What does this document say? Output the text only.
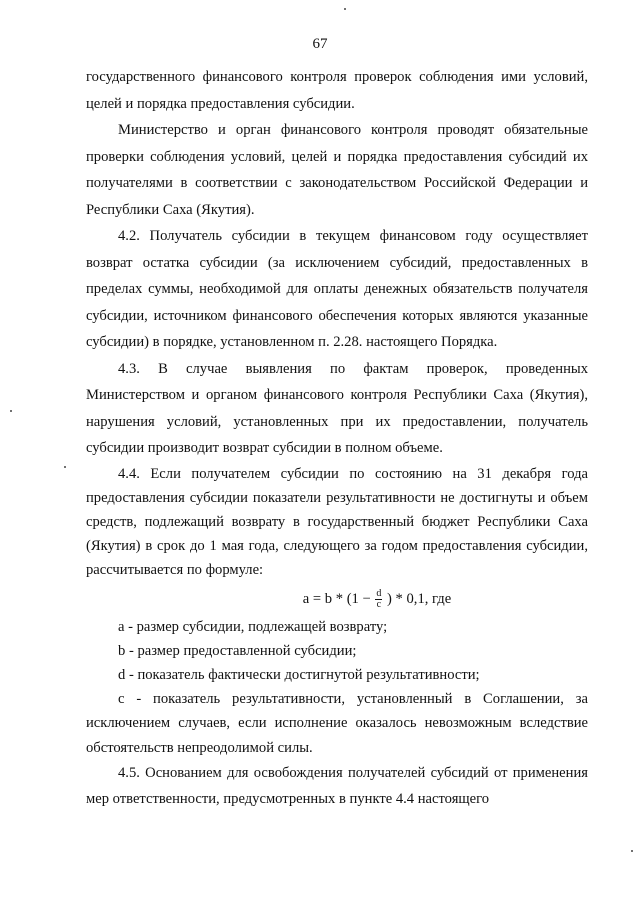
67

государственного финансового контроля проверок соблюдения ими условий, целей и порядка предоставления субсидии.

Министерство и орган финансового контроля проводят обязательные проверки соблюдения условий, целей и порядка предоставления субсидий их получателями в соответствии с законодательством Российской Федерации и Республики Саха (Якутия).

4.2. Получатель субсидии в текущем финансовом году осуществляет возврат остатка субсидии (за исключением субсидий, предоставленных в пределах суммы, необходимой для оплаты денежных обязательств получателя субсидии, источником финансового обеспечения которых являются указанные субсидии) в порядке, установленном п. 2.28. настоящего Порядка.

4.3. В случае выявления по фактам проверок, проведенных Министерством и органом финансового контроля Республики Саха (Якутия), нарушения условий, установленных при их предоставлении, получатель субсидии производит возврат субсидии в полном объеме.

4.4. Если получателем субсидии по состоянию на 31 декабря года предоставления субсидии показатели результативности не достигнуты и объем средств, подлежащий возврату в государственный бюджет Республики Саха (Якутия) в срок до 1 мая года, следующего за годом предоставления субсидии, рассчитывается по формуле:

$a = b * (1 - \frac{d}{c}$ ) * 0,1, где

a - размер субсидии, подлежащей возврату;

b - размер предоставленной субсидии;

d - показатель фактически достигнутой результативности;

c - показатель результативности, установленный в Соглашении, за исключением случаев, если исполнение оказалось невозможным вследствие обстоятельств непреодолимой силы.

4.5. Основанием для освобождения получателей субсидий от применения мер ответственности, предусмотренных в пункте 4.4 настоящего
